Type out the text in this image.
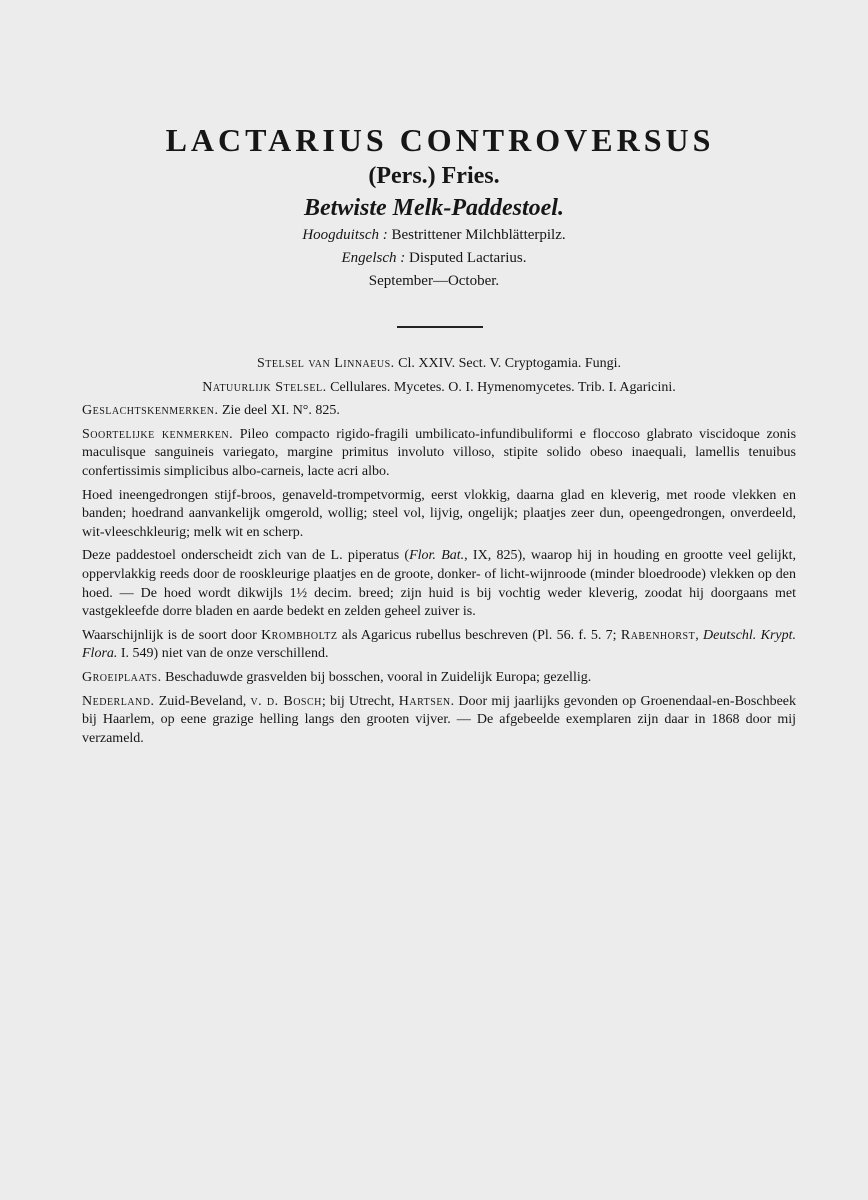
LACTARIUS CONTROVERSUS

(Pers.) Fries.

Betwiste Melk-Paddestoel.

Hoogduitsch : Bestrittener Milchblätterpilz.

Engelsch : Disputed Lactarius.

September—October.

Stelsel van Linnaeus. Cl. XXIV. Sect. V. Cryptogamia. Fungi.

Natuurlijk Stelsel. Cellulares. Mycetes. O. I. Hymenomycetes. Trib. I. Agaricini.

Geslachtskenmerken. Zie deel XI. N°. 825.

Soortelijke kenmerken. Pileo compacto rigido-fragili umbilicato-infundibuliformi e floccoso glabrato viscidoque zonis maculisque sanguineis variegato, margine primitus involuto villoso, stipite solido obeso inaequali, lamellis tenuibus confertissimis simplicibus albo-carneis, lacte acri albo.

Hoed ineengedrongen stijf-broos, genaveld-trompetvormig, eerst vlokkig, daarna glad en kleverig, met roode vlekken en banden; hoedrand aanvankelijk omgerold, wollig; steel vol, lijvig, ongelijk; plaatjes zeer dun, opeengedrongen, onverdeeld, wit-vleeschkleurig; melk wit en scherp.

Deze paddestoel onderscheidt zich van de L. piperatus (Flor. Bat., IX, 825), waarop hij in houding en grootte veel gelijkt, oppervlakkig reeds door de rooskleurige plaatjes en de groote, donker- of licht-wijnroode (minder bloedroode) vlekken op den hoed. — De hoed wordt dikwijls 1½ decim. breed; zijn huid is bij vochtig weder kleverig, zoodat hij doorgaans met vastgekleefde dorre bladen en aarde bedekt en zelden geheel zuiver is.

Waarschijnlijk is de soort door Krombholtz als Agaricus rubellus beschreven (Pl. 56. f. 5. 7; Rabenhorst, Deutschl. Krypt. Flora. I. 549) niet van de onze verschillend.

Groeiplaats. Beschaduwde grasvelden bij bosschen, vooral in Zuidelijk Europa; gezellig.

Nederland. Zuid-Beveland, v. d. Bosch; bij Utrecht, Hartsen. Door mij jaarlijks gevonden op Groenendaal-en-Boschbeek bij Haarlem, op eene grazige helling langs den grooten vijver. — De afgebeelde exemplaren zijn daar in 1868 door mij verzameld.
